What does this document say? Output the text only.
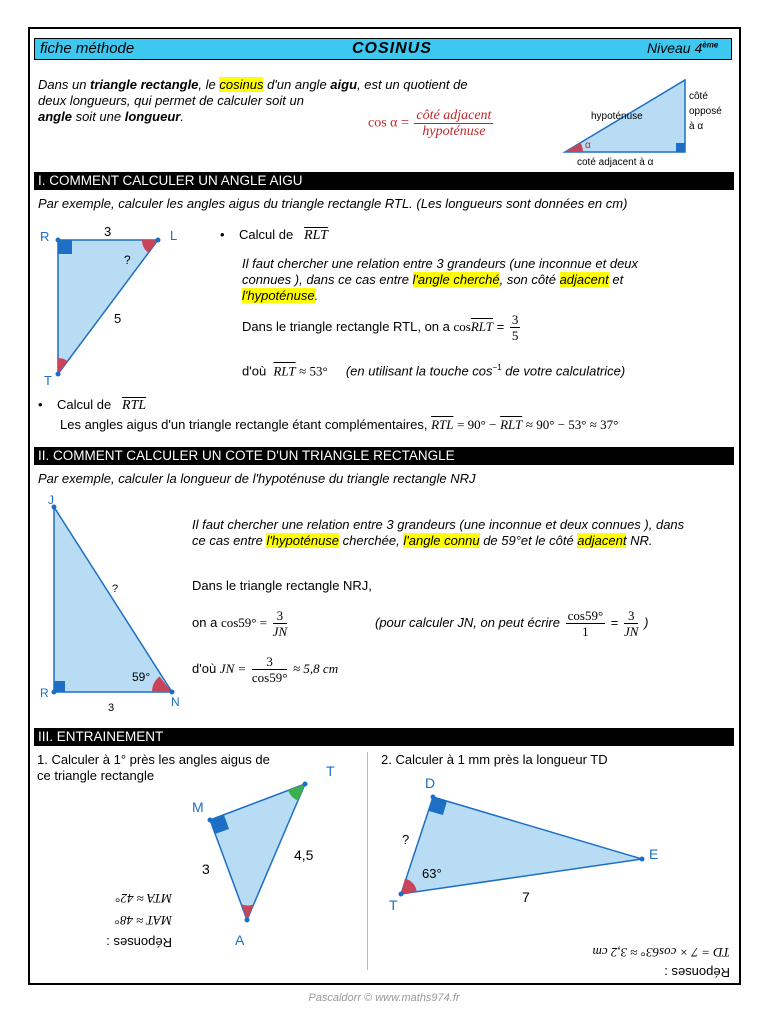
fiche méthode	COSINUS	Niveau 4ème
Dans un triangle rectangle, le cosinus d'un angle aigu, est un quotient de
deux longueurs, qui permet de calculer soit un
angle soit une longueur.	$\cos \alpha = \frac{\text{côté adjacent}}{\text{hypoténuse}}$
α
hypoténuse
côté
opposé
à α
coté adjacent à α
I. COMMENT CALCULER UN ANGLE AIGU
Par exemple, calculer les angles aigus du triangle rectangle RTL. (Les longueurs sont données en cm)
R	L
T
3
5
?
•    Calcul de $\overline{RLT}$
Il faut chercher une relation entre 3 grandeurs (une inconnue et deux
connues ), dans ce cas entre l'angle cherché, son côté adjacent et
l'hypoténuse.
Dans le triangle rectangle RTL, on a $\cos\overline{RLT} = \frac{3}{5}$
d'où $\overline{RLT} \approx 53^\circ$ (en utilisant la touche $\cos^{-1}$ de votre calculatrice)
•    Calcul de $\overline{RTL}$
Les angles aigus d'un triangle rectangle étant complémentaires, $\overline{RTL} = 90^\circ - \overline{RLT} \approx 90^\circ - 53^\circ \approx 37^\circ$
II. COMMENT CALCULER UN COTE D'UN TRIANGLE RECTANGLE
Par exemple, calculer la longueur de l'hypoténuse du triangle rectangle NRJ
J
R
N
?
59°
3
Il faut chercher une relation entre 3 grandeurs (une inconnue et deux connues ), dans
ce cas entre l'hypoténuse cherchée, l'angle connu de 59°et le côté adjacent NR.
Dans le triangle rectangle NRJ,
on a $\cos 59^\circ = \frac{3}{JN}$	(pour calculer JN, on peut écrire $\frac{\cos 59^\circ}{1} = \frac{3}{JN}$ )
d'où JN = $\frac{3}{\cos 59^\circ} \approx 5,8$ cm
III. ENTRAINEMENT
1. Calculer à 1° près les angles aigus de
ce triangle rectangle
M
T
A
3
4,5
Réponses :
MAT ≈ 48°
MTA ≈ 42°
2. Calculer à 1 mm près la longueur TD
D
E
T
?
63°
7
Réponses :
TD = 7 × cos63° ≈ 3,2 cm
Pascaldorr © www.maths974.fr
